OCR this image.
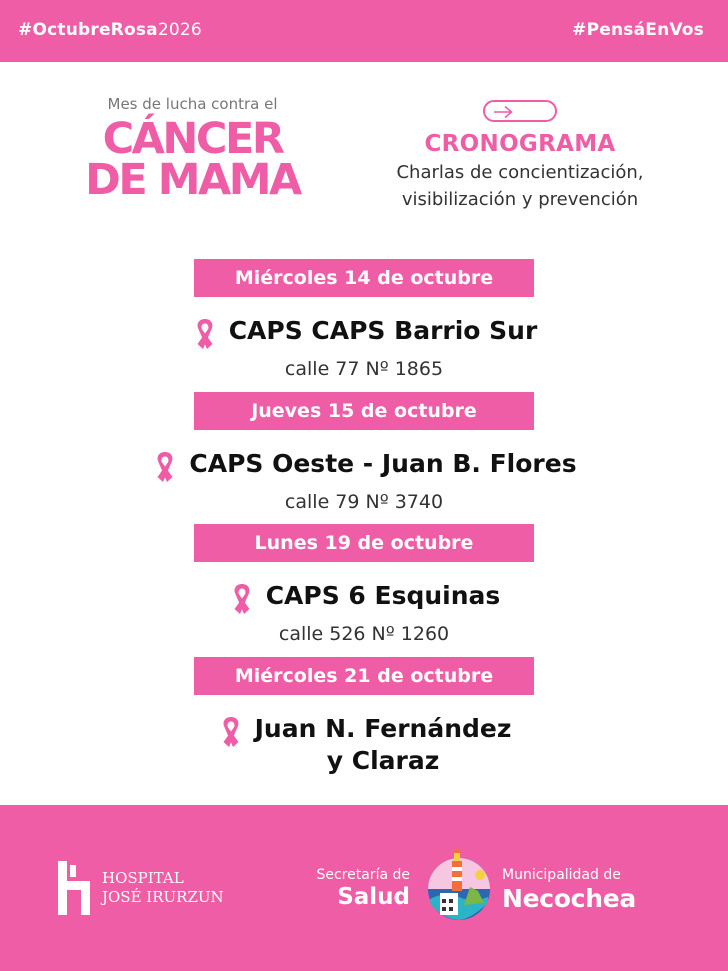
#OctubreRosa2026	#PensáEnVos
Mes de lucha contra el
CÁNCER
DE MAMA
CRONOGRAMA
Charlas de concientización,
visibilización y prevención
Miércoles 14 de octubre
CAPS CAPS Barrio Sur
calle 77 Nº 1865
Jueves 15 de octubre
CAPS Oeste - Juan B. Flores
calle 79 Nº 3740
Lunes 19 de octubre
CAPS 6 Esquinas
calle 526 Nº 1260
Miércoles 21 de octubre
Juan N. Fernández
y Claraz
HOSPITAL
JOSÉ IRURZUN
Secretaría de
Salud
Municipalidad de
Necochea
